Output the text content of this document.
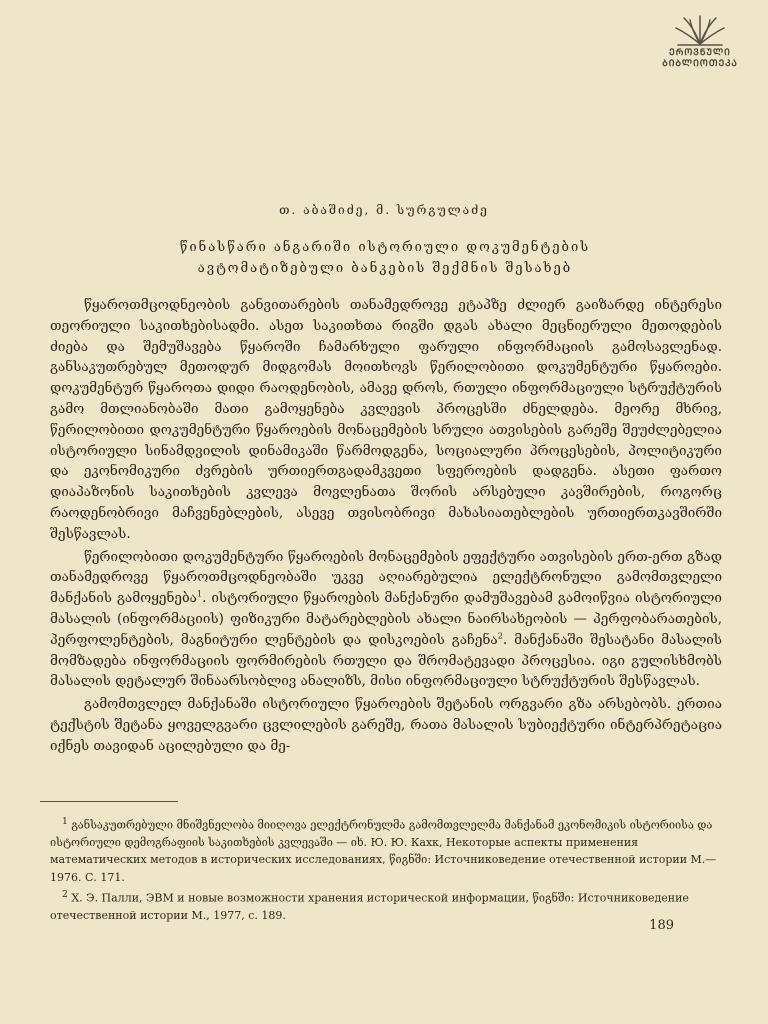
ᲔᲠᲝᲕᲜᲣᲚᲘ
ᲑᲘᲑᲚᲘᲝᲗᲔᲙᲐ
თ. აბაშიძე, მ. სურგულაძე
წინასწარი ანგარიში ისტორიული დოკუმენტების
ავტომატიზებული ბანკების შექმნის შესახებ

წყაროთმცოდნეობის განვითარების თანამედროვე ეტაპზე ძლიერ გაიზარდე ინტერესი თეორიული საკითხებისადმი. ასეთ საკითხთა რიგში დგას ახალი მეცნიერული მეთოდების ძიება და შემუშავება წყაროში ჩამარხული ფარული ინფორმაციის გამოსავლენად. განსაკუთრებულ მეთოდურ მიდგომას მოითხოვს წერილობითი დოკუმენტური წყაროები. დოკუმენტურ წყაროთა დიდი რაოდენობის, ამავე დროს, რთული ინფორმაციული სტრუქტურის გამო მთლიანობაში მათი გამოყენება კვლევის პროცესში ძნელდება. მეორე მხრივ, წერილობითი დოკუმენტური წყაროების მონაცემების სრული ათვისების გარეშე შეუძლებელია ისტორიული სინამდვილის დინამიკაში წარმოდგენა, სოციალური პროცესების, პოლიტიკური და ეკონომიკური ძვრების ურთიერთგადამკვეთი სფეროების დადგენა. ასეთი ფართო დიაპაზონის საკითხების კვლევა მოვლენათა შორის არსებული კავშირების, როგორც რაოდენობრივი მაჩვენებლების, ასევე თვისობრივი მახასიათებლების ურთიერთკავშირში შესწავლას.

წერილობითი დოკუმენტური წყაროების მონაცემების ეფექტური ათვისების ერთ-ერთ გზად თანამედროვე წყაროთმცოდნეობაში უკვე აღიარებულია ელექტრონული გამომთვლელი მანქანის გამოყენება$^1$. ისტორიული წყაროების მანქანური დამუშავებამ გამოიწვია ისტორიული მასალის (ინფორმაციის) ფიზიკური მატარებლების ახალი ნაირსახეობის — პერფობარათების, პერფოლენტების, მაგნიტური ლენტების და დისკოების გაჩენა$^2$. მანქანაში შესატანი მასალის მომზადება ინფორმაციის ფორმირების რთული და შრომატევადი პროცესია. იგი გულისხმობს მასალის დეტალურ შინაარსობლივ ანალიზს, მისი ინფორმაციული სტრუქტურის შესწავლას.

გამომთვლელ მანქანაში ისტორიული წყაროების შეტანის ორგვარი გზა არსებობს. ერთია ტექსტის შეტანა ყოველგვარი ცვლილების გარეშე, რათა მასალის სუბიექტური ინტერპრეტაცია იქნეს თავიდან აცილებული და მე-

$^1$ განსაკუთრებული მნიშვნელობა მიიღოვა ელექტრონულმა გამომთვლელმა მანქანამ ეკონომიკის ისტორიისა და ისტორიული დემოგრაფიის საკითხების კვლევაში — იხ. Ю. Ю. Кахк, Некоторые аспекты применения математических методов в исторических исследованиях, წიგნში: Источниковедение отечественной истории М.—1976. С. 171.

$^2$ Х. Э. Палли, ЭВМ и новые возможности хранения исторической информации, წიგნში: Источниковедение отечественной истории М., 1977, с. 189.

189
